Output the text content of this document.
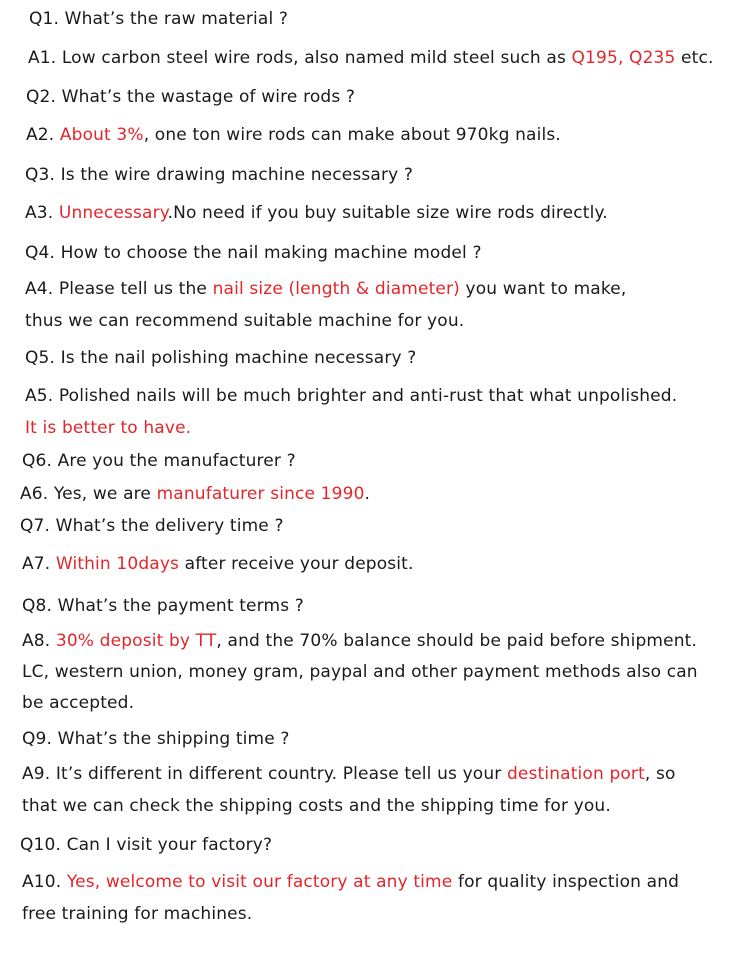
Q1. What’s the raw material ?
A1. Low carbon steel wire rods, also named mild steel such as Q195, Q235 etc.
Q2. What’s the wastage of wire rods ?
A2. About 3%, one ton wire rods can make about 970kg nails.
Q3. Is the wire drawing machine necessary ?
A3. Unnecessary.No need if you buy suitable size wire rods directly.
Q4. How to choose the nail making machine model ?
A4. Please tell us the nail size (length & diameter) you want to make,
thus we can recommend suitable machine for you.
Q5. Is the nail polishing machine necessary ?
A5. Polished nails will be much brighter and anti-rust that what unpolished.
It is better to have.
Q6. Are you the manufacturer ?
A6. Yes, we are manufaturer since 1990.
Q7. What’s the delivery time ?
A7. Within 10days after receive your deposit.
Q8. What’s the payment terms ?
A8. 30% deposit by TT, and the 70% balance should be paid before shipment.
LC, western union, money gram, paypal and other payment methods also can
be accepted.
Q9. What’s the shipping time ?
A9. It’s different in different country. Please tell us your destination port, so
that we can check the shipping costs and the shipping time for you.
Q10. Can I visit your factory?
A10. Yes, welcome to visit our factory at any time for quality inspection and
free training for machines.
